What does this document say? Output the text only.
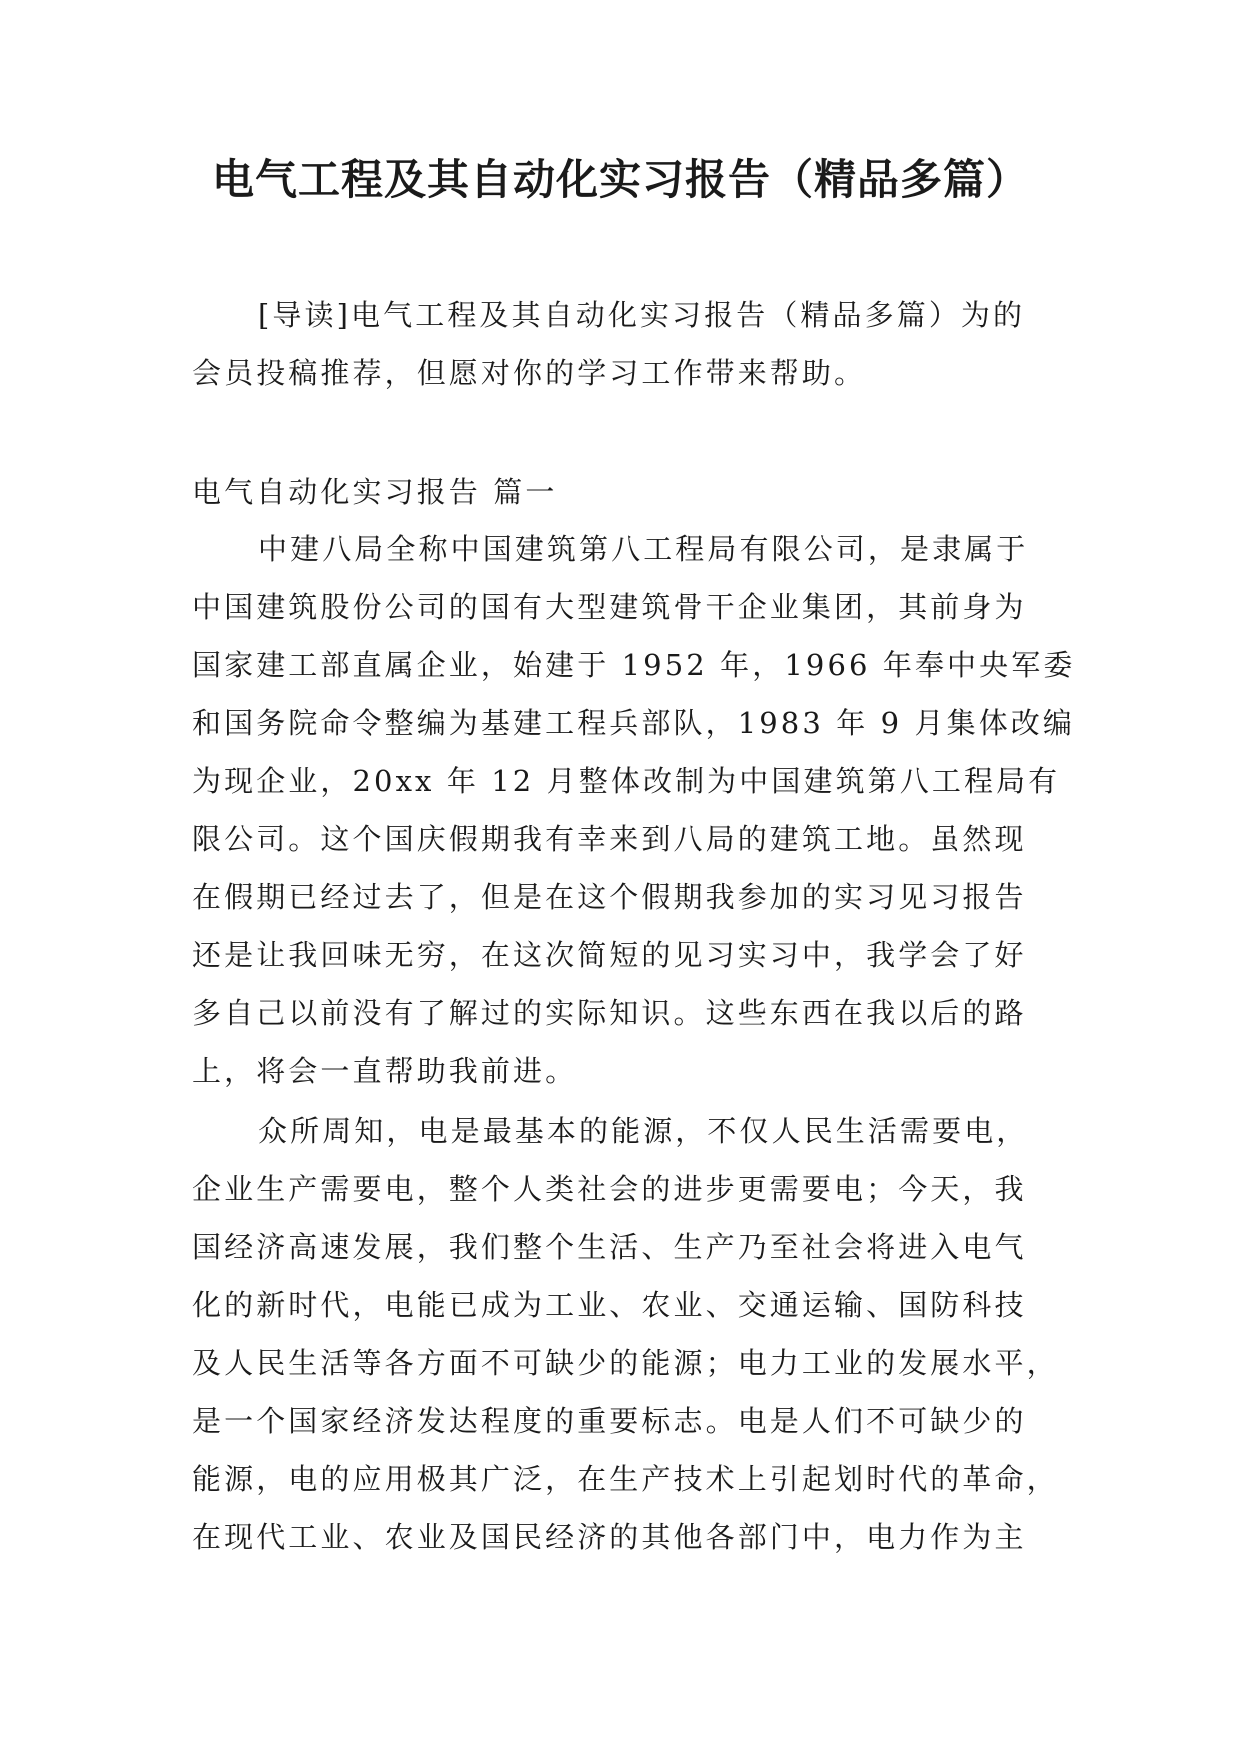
电气工程及其自动化实习报告（精品多篇）

[导读]电气工程及其自动化实习报告（精品多篇）为的

会员投稿推荐，但愿对你的学习工作带来帮助。

电气自动化实习报告 篇一

中建八局全称中国建筑第八工程局有限公司，是隶属于

中国建筑股份公司的国有大型建筑骨干企业集团，其前身为

国家建工部直属企业，始建于 1952 年，1966 年奉中央军委

和国务院命令整编为基建工程兵部队，1983 年 9 月集体改编

为现企业，20xx 年 12 月整体改制为中国建筑第八工程局有

限公司。这个国庆假期我有幸来到八局的建筑工地。虽然现

在假期已经过去了，但是在这个假期我参加的实习见习报告

还是让我回味无穷，在这次简短的见习实习中，我学会了好

多自己以前没有了解过的实际知识。这些东西在我以后的路

上，将会一直帮助我前进。

众所周知，电是最基本的能源，不仅人民生活需要电，

企业生产需要电，整个人类社会的进步更需要电；今天，我

国经济高速发展，我们整个生活、生产乃至社会将进入电气

化的新时代，电能已成为工业、农业、交通运输、国防科技

及人民生活等各方面不可缺少的能源；电力工业的发展水平，

是一个国家经济发达程度的重要标志。电是人们不可缺少的

能源，电的应用极其广泛，在生产技术上引起划时代的革命，

在现代工业、农业及国民经济的其他各部门中，电力作为主
